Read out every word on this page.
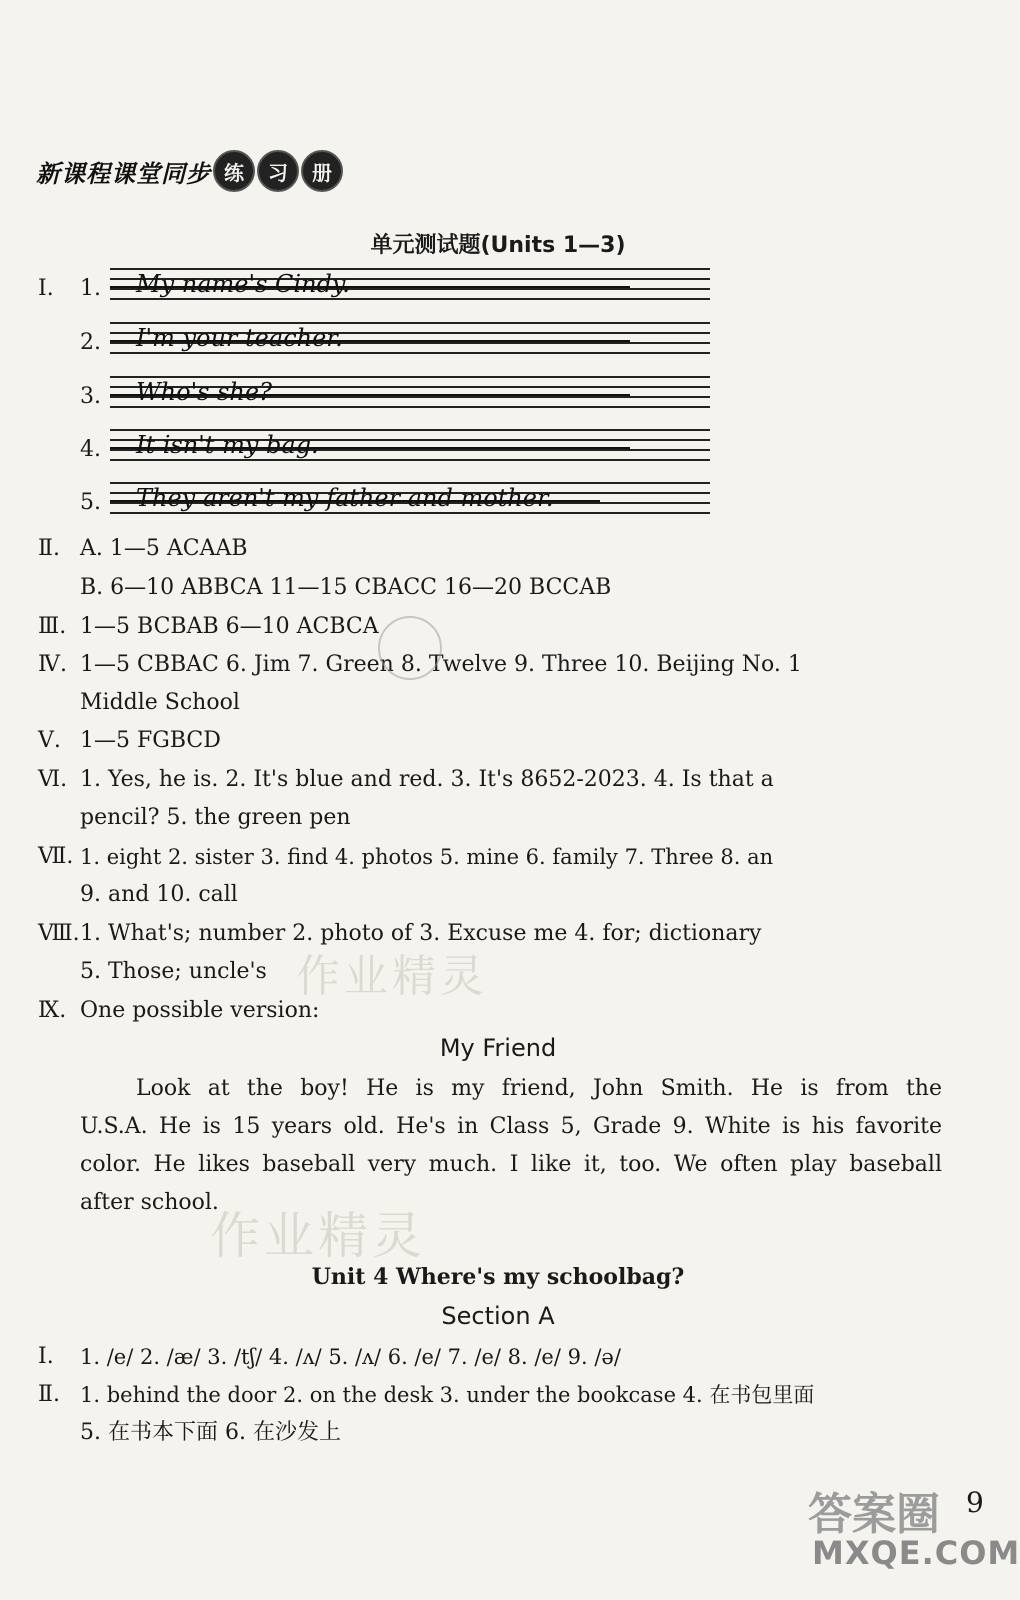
新课程课堂同步 练	习	册
单元测试题(Units 1—3)
Ⅰ. 1. My name's Cindy.
2. I'm your teacher.
3. Who's she?
4. It isn't my bag.
5. They aren't my father and mother.
Ⅱ. A. 1—5 ACAAB
B. 6—10 ABBCA 11—15 CBACC 16—20 BCCAB
Ⅲ. 1—5 BCBAB 6—10 ACBCA
Ⅳ. 1—5 CBBAC 6. Jim 7. Green 8. Twelve 9. Three 10. Beijing No. 1
Middle School
Ⅴ. 1—5 FGBCD
Ⅵ. 1. Yes, he is. 2. It's blue and red. 3. It's 8652-2023. 4. Is that a
pencil? 5. the green pen
Ⅶ. 1. eight 2. sister 3. find 4. photos 5. mine 6. family 7. Three 8. an
9. and 10. call
Ⅷ. 1. What's; number 2. photo of 3. Excuse me 4. for; dictionary
5. Those; uncle's
Ⅸ. One possible version:
My Friend
Look at the boy! He is my friend, John Smith. He is from the
U.S.A. He is 15 years old. He's in Class 5, Grade 9. White is his favorite
color. He likes baseball very much. I like it, too. We often play baseball
after school.
Unit 4 Where's my schoolbag?
Section A
Ⅰ. 1. /e/ 2. /æ/ 3. /tʃ/ 4. /ʌ/ 5. /ʌ/ 6. /e/ 7. /e/ 8. /e/ 9. /ə/
Ⅱ. 1. behind the door 2. on the desk 3. under the bookcase 4. 在书包里面
5. 在书本下面 6. 在沙发上
作业精灵
作业精灵
答案圈
MXQE.COM
9
